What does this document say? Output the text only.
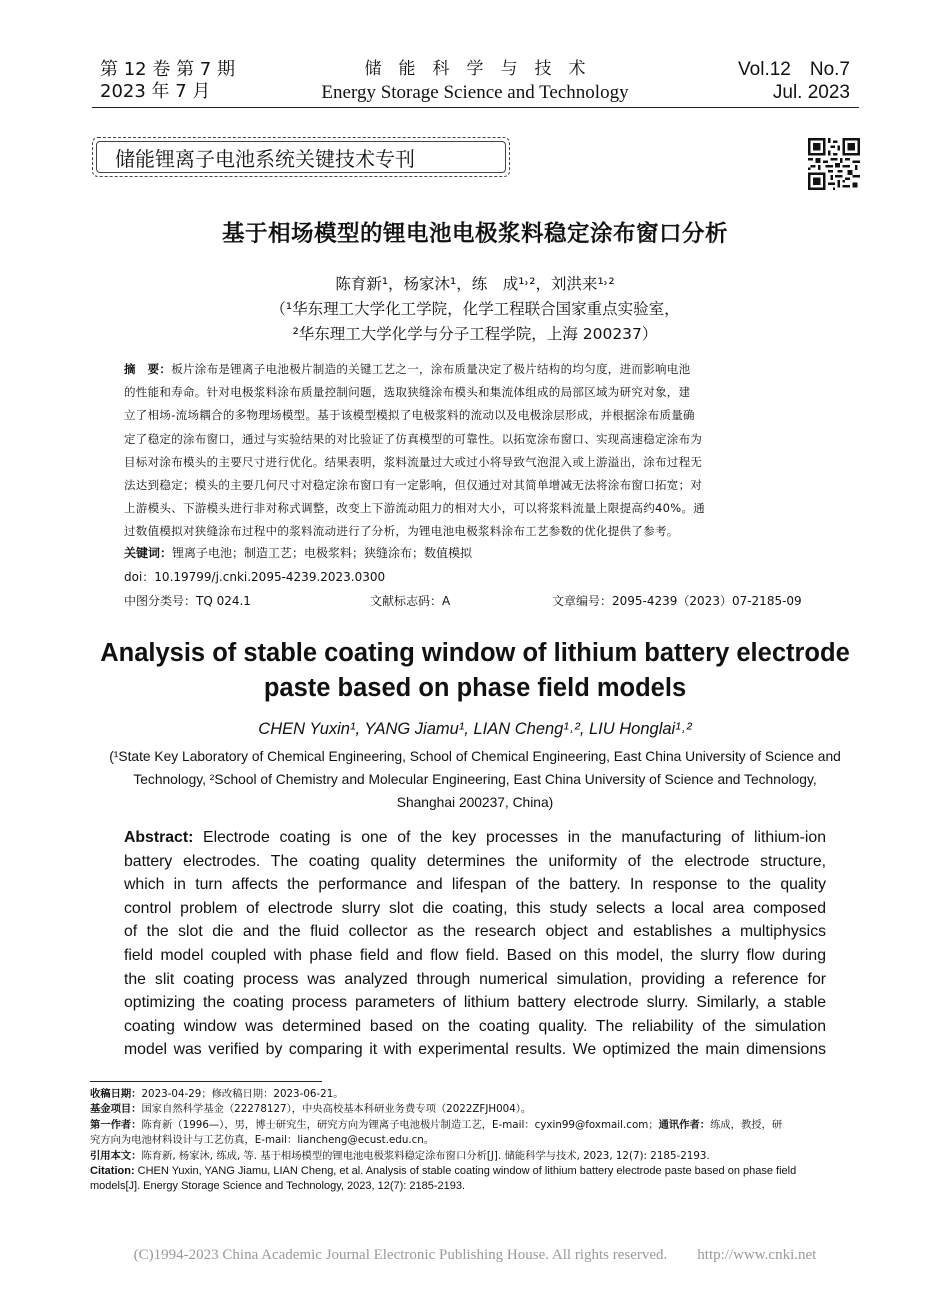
第 12 卷 第 7 期
2023 年 7 月
储　能　科　学　与　技　术
Energy Storage Science and Technology
Vol.12　No.7
Jul. 2023
储能锂离子电池系统关键技术专刊
基于相场模型的锂电池电极浆料稳定涂布窗口分析
陈育新¹，杨家沐¹，练　成¹˒²，刘洪来¹˒²
（¹华东理工大学化工学院，化学工程联合国家重点实验室，
²华东理工大学化学与分子工程学院，上海 200237）
摘　要：板片涂布是锂离子电池极片制造的关键工艺之一，涂布质量决定了极片结构的均匀度，进而影响电池
的性能和寿命。针对电极浆料涂布质量控制问题，选取狭缝涂布模头和集流体组成的局部区域为研究对象，建
立了相场-流场耦合的多物理场模型。基于该模型模拟了电极浆料的流动以及电极涂层形成，并根据涂布质量确
定了稳定的涂布窗口，通过与实验结果的对比验证了仿真模型的可靠性。以拓宽涂布窗口、实现高速稳定涂布为
目标对涂布模头的主要尺寸进行优化。结果表明，浆料流量过大或过小将导致气泡混入或上游溢出，涂布过程无
法达到稳定；模头的主要几何尺寸对稳定涂布窗口有一定影响，但仅通过对其简单增减无法将涂布窗口拓宽；对
上游模头、下游模头进行非对称式调整，改变上下游流动阻力的相对大小，可以将浆料流量上限提高约40%。通
过数值模拟对狭缝涂布过程中的浆料流动进行了分析，为锂电池电极浆料涂布工艺参数的优化提供了参考。
关键词：锂离子电池；制造工艺；电极浆料；狭缝涂布；数值模拟
doi：10.19799/j.cnki.2095-4239.2023.0300
中图分类号：TQ 024.1	文献标志码：A	文章编号：2095-4239（2023）07-2185-09
Analysis of stable coating window of lithium battery electrode
paste based on phase field models
CHEN Yuxin¹, YANG Jiamu¹, LIAN Cheng¹˒², LIU Honglai¹˒²
(¹State Key Laboratory of Chemical Engineering, School of Chemical Engineering, East China University of Science and
Technology, ²School of Chemistry and Molecular Engineering, East China University of Science and Technology,
Shanghai 200237, China)
Abstract: Electrode coating is one of the key processes in the manufacturing of lithium-ion
battery electrodes. The coating quality determines the uniformity of the electrode structure,
which in turn affects the performance and lifespan of the battery. In response to the quality
control problem of electrode slurry slot die coating, this study selects a local area composed
of the slot die and the fluid collector as the research object and establishes a multiphysics
field model coupled with phase field and flow field. Based on this model, the slurry flow during
the slit coating process was analyzed through numerical simulation, providing a reference for
optimizing the coating process parameters of lithium battery electrode slurry. Similarly, a stable
coating window was determined based on the coating quality. The reliability of the simulation
model was verified by comparing it with experimental results. We optimized the main dimensions
收稿日期：2023-04-29；修改稿日期：2023-06-21。
基金项目：国家自然科学基金（22278127），中央高校基本科研业务费专项（2022ZFJH004）。
第一作者：陈育新（1996—），男，博士研究生，研究方向为锂离子电池极片制造工艺，E-mail：cyxin99@foxmail.com；通讯作者：练成，教授，研
究方向为电池材料设计与工艺仿真，E-mail：liancheng@ecust.edu.cn。
引用本文：陈育新, 杨家沐, 练成, 等. 基于相场模型的锂电池电极浆料稳定涂布窗口分析[J]. 储能科学与技术, 2023, 12(7): 2185-2193.
Citation: CHEN Yuxin, YANG Jiamu, LIAN Cheng, et al. Analysis of stable coating window of lithium battery electrode paste based on phase field
models[J]. Energy Storage Science and Technology, 2023, 12(7): 2185-2193.
(C)1994-2023 China Academic Journal Electronic Publishing House. All rights reserved.　　http://www.cnki.net
